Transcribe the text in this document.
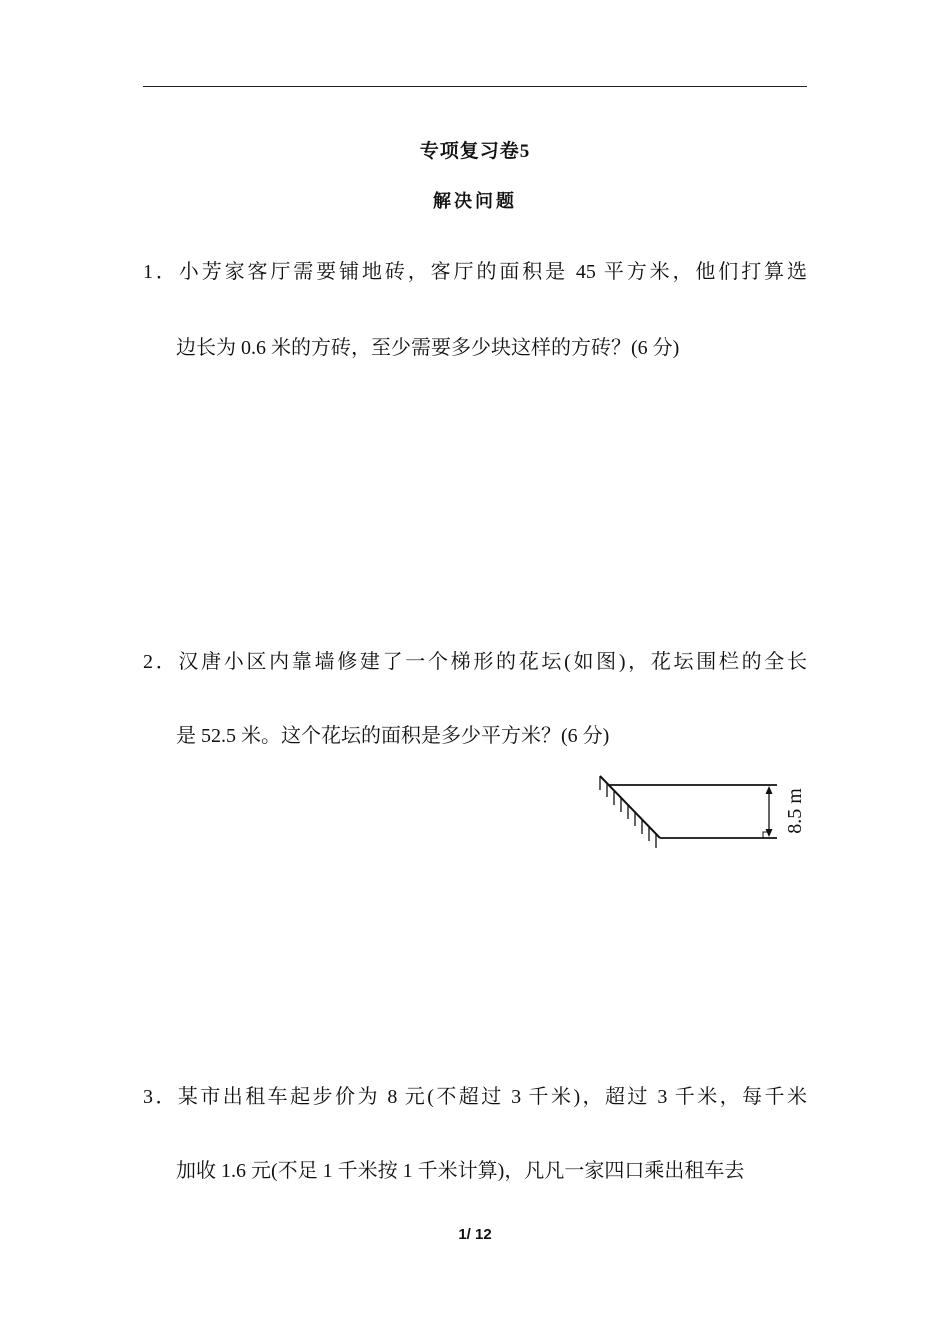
专项复习卷5
解决问题
1．小芳家客厅需要铺地砖，客厅的面积是 45 平方米，他们打算选
边长为 0.6 米的方砖，至少需要多少块这样的方砖？(6 分)
2．汉唐小区内靠墙修建了一个梯形的花坛(如图)，花坛围栏的全长
是 52.5 米。这个花坛的面积是多少平方米？(6 分)
8.5 m
3．某市出租车起步价为 8 元(不超过 3 千米)，超过 3 千米，每千米
加收 1.6 元(不足 1 千米按 1 千米计算)，凡凡一家四口乘出租车去
1/ 12
